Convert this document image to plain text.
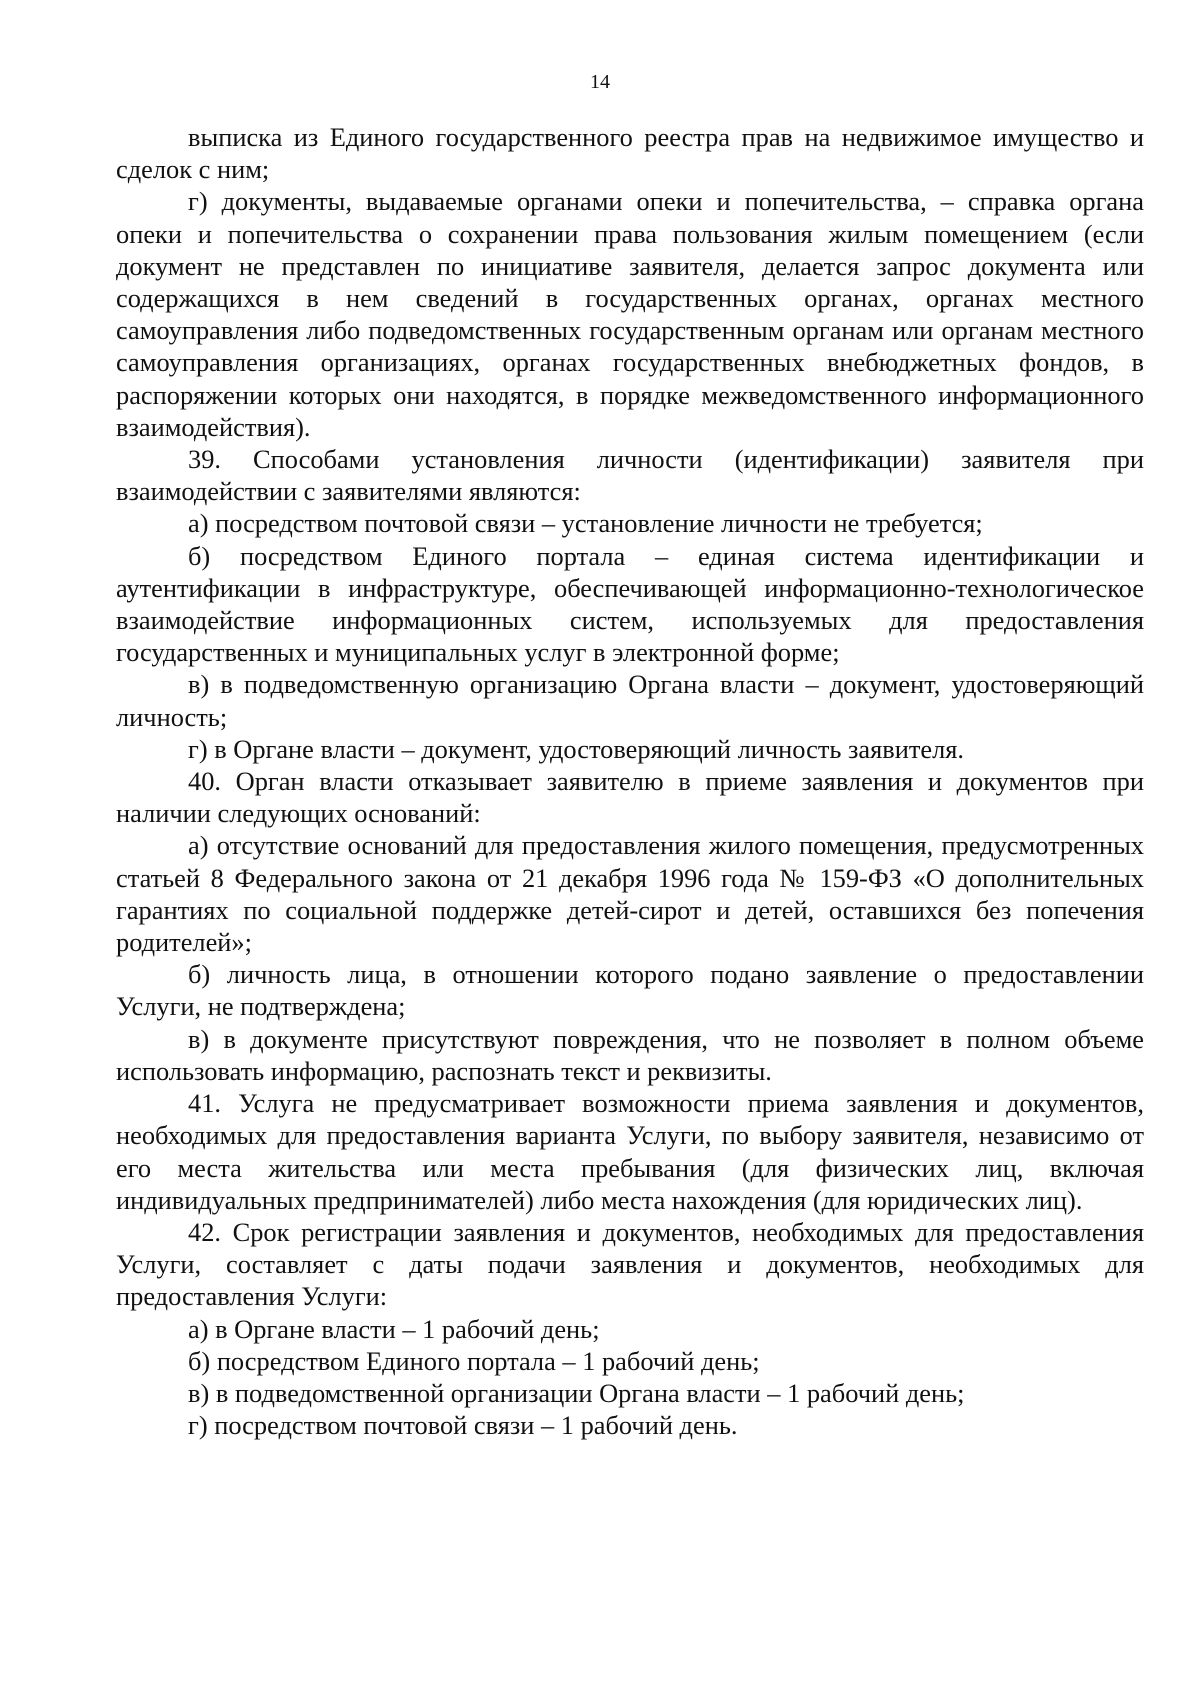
14

выписка из Единого государственного реестра прав на недвижимое имущество и сделок с ним;

г) документы, выдаваемые органами опеки и попечительства, – справка органа опеки и попечительства о сохранении права пользования жилым помещением (если документ не представлен по инициативе заявителя, делается запрос документа или содержащихся в нем сведений в государственных органах, органах местного самоуправления либо подведомственных государственным органам или органам местного самоуправления организациях, органах государственных внебюджетных фондов, в распоряжении которых они находятся, в порядке межведомственного информационного взаимодействия).

39. Способами установления личности (идентификации) заявителя при взаимодействии с заявителями являются:

а) посредством почтовой связи – установление личности не требуется;

б) посредством Единого портала – единая система идентификации и аутентификации в инфраструктуре, обеспечивающей информационно-технологическое взаимодействие информационных систем, используемых для предоставления государственных и муниципальных услуг в электронной форме;

в) в подведомственную организацию Органа власти – документ, удостоверяющий личность;

г) в Органе власти – документ, удостоверяющий личность заявителя.

40. Орган власти отказывает заявителю в приеме заявления и документов при наличии следующих оснований:

а) отсутствие оснований для предоставления жилого помещения, предусмотренных статьей 8 Федерального закона от 21 декабря 1996 года № 159-ФЗ «О дополнительных гарантиях по социальной поддержке детей-сирот и детей, оставшихся без попечения родителей»;

б) личность лица, в отношении которого подано заявление о предоставлении Услуги, не подтверждена;

в) в документе присутствуют повреждения, что не позволяет в полном объеме использовать информацию, распознать текст и реквизиты.

41. Услуга не предусматривает возможности приема заявления и документов, необходимых для предоставления варианта Услуги, по выбору заявителя, независимо от его места жительства или места пребывания (для физических лиц, включая индивидуальных предпринимателей) либо места нахождения (для юридических лиц).

42. Срок регистрации заявления и документов, необходимых для предоставления Услуги, составляет с даты подачи заявления и документов, необходимых для предоставления Услуги:

а) в Органе власти – 1 рабочий день;

б) посредством Единого портала – 1 рабочий день;

в) в подведомственной организации Органа власти – 1 рабочий день;

г) посредством почтовой связи – 1 рабочий день.
